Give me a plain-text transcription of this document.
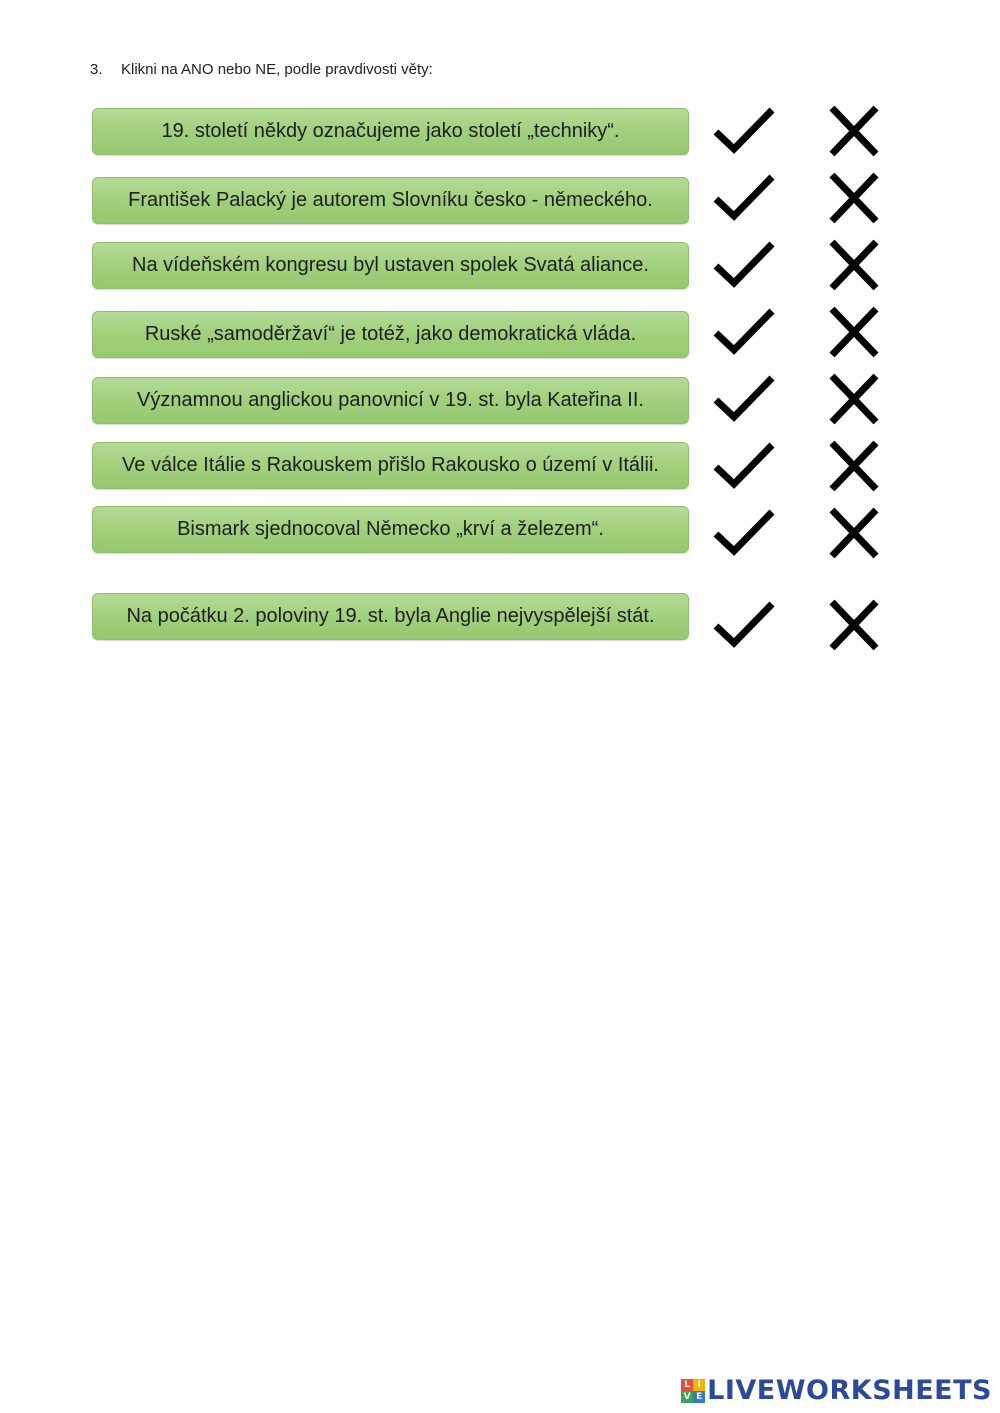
3. Klikni na ANO nebo NE, podle pravdivosti věty:
19. století někdy označujeme jako století „techniky“.
František Palacký je autorem Slovníku česko - německého.
Na vídeňském kongresu byl ustaven spolek Svatá aliance.
Ruské „samoděržaví“ je totéž, jako demokratická vláda.
Významnou anglickou panovnicí v 19. st. byla Kateřina II.
Ve válce Itálie s Rakouskem přišlo Rakousko o území v Itálii.
Bismark sjednocoval Německo „krví a železem“.
Na počátku 2. poloviny 19. st. byla Anglie nejvyspělejší stát.
L I
V E LIVEWORKSHEETS
